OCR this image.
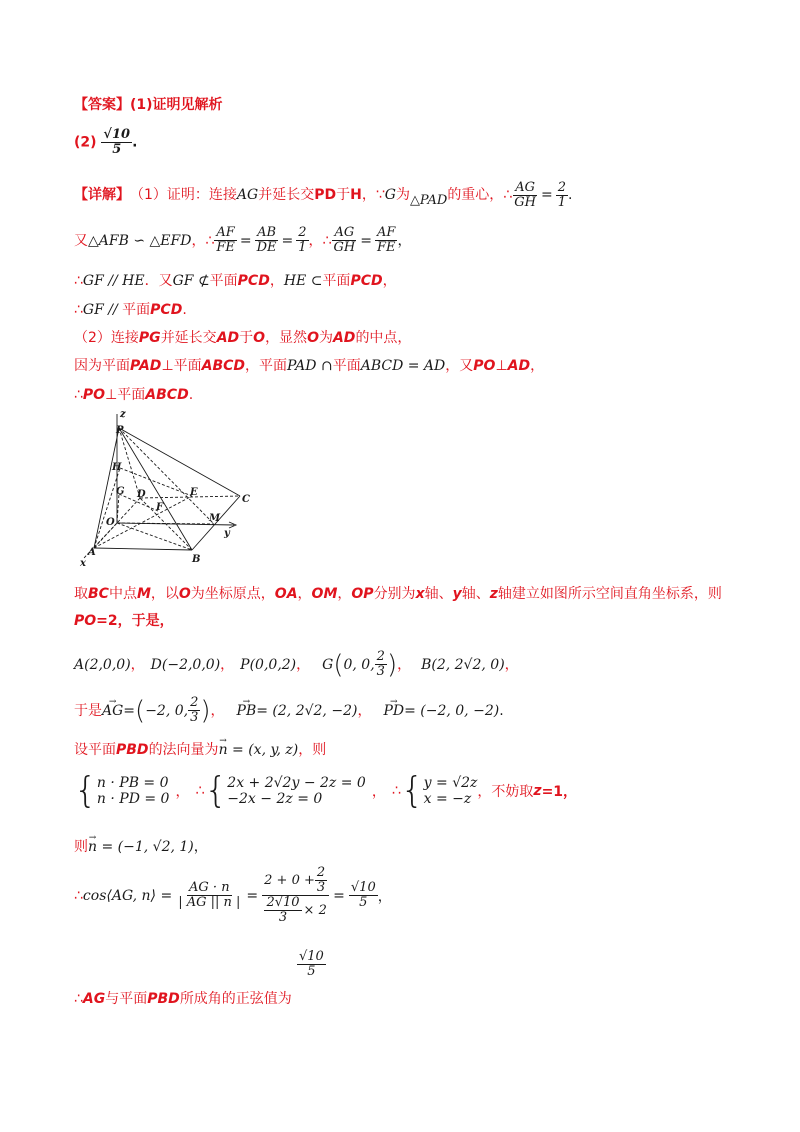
【答案】(1)证明见解析
$(2) \frac{√10}{5}$ .
【详解】 （1）证明：连接 AG 并延长交 PD 于 H ，∵ G 为 △PAD 的重心，∴ $\frac{AG}{GH} = \frac{2}{1}$ .
又 △AFB ∽ △EFD ，∴ $\frac{AF}{FE} = \frac{AB}{DE} = \frac{2}{1}$ ，∴ $\frac{AG}{GH} = \frac{AF}{FE}$ ，
∴GF // HE．又GF ⊄平面PCD，HE ⊂平面PCD，
∴GF // 平面PCD.
（2）连接PG并延长交AD于O，显然O为AD的中点，
因为平面PAD⊥平面ABCD，平面PAD ∩平面ABCD = AD，又PO⊥AD，
∴PO⊥平面ABCD.
z
P
H
G D	E
C
F
O	M
y
A
x	B
取BC中点M，以O为坐标原点，OA，OM，OP分别为x轴、y轴、z轴建立如图所示空间直角坐标系，则
PO=2，于是，
A(2,0,0) ， D(−2,0,0) ， P(0,0,2) ， G ( 0, 0, $\frac{2}{3}$ ) ， B(2, 2√2, 0) ，
于是 → AG = ( −2, 0, $\frac{2}{3}$ ) ， → PB = (2, 2√2, −2) ， → PD = (−2, 0, −2) .
设平面PBD的法向量为→ n = (x, y, z)，则
{ n · PB = 0
n · PD = 0 ， ∴ { 2x + 2√2y − 2z = 0
−2x − 2z = 0	， ∴ { y = √2z
x = −z ，不妨取 z =1，
则→ n = (−1, √2, 1)，
∴ cos⟨AG, n⟩ = $\frac{AG \cdot n}{| AG || n |} = \frac{2 + 0 + \frac{2}{3}}{\frac{2√10}{3} \times 2} = \frac{√10}{5}$ ，
$\frac{√10}{5}$
∴AG与平面PBD所成角的正弦值为
